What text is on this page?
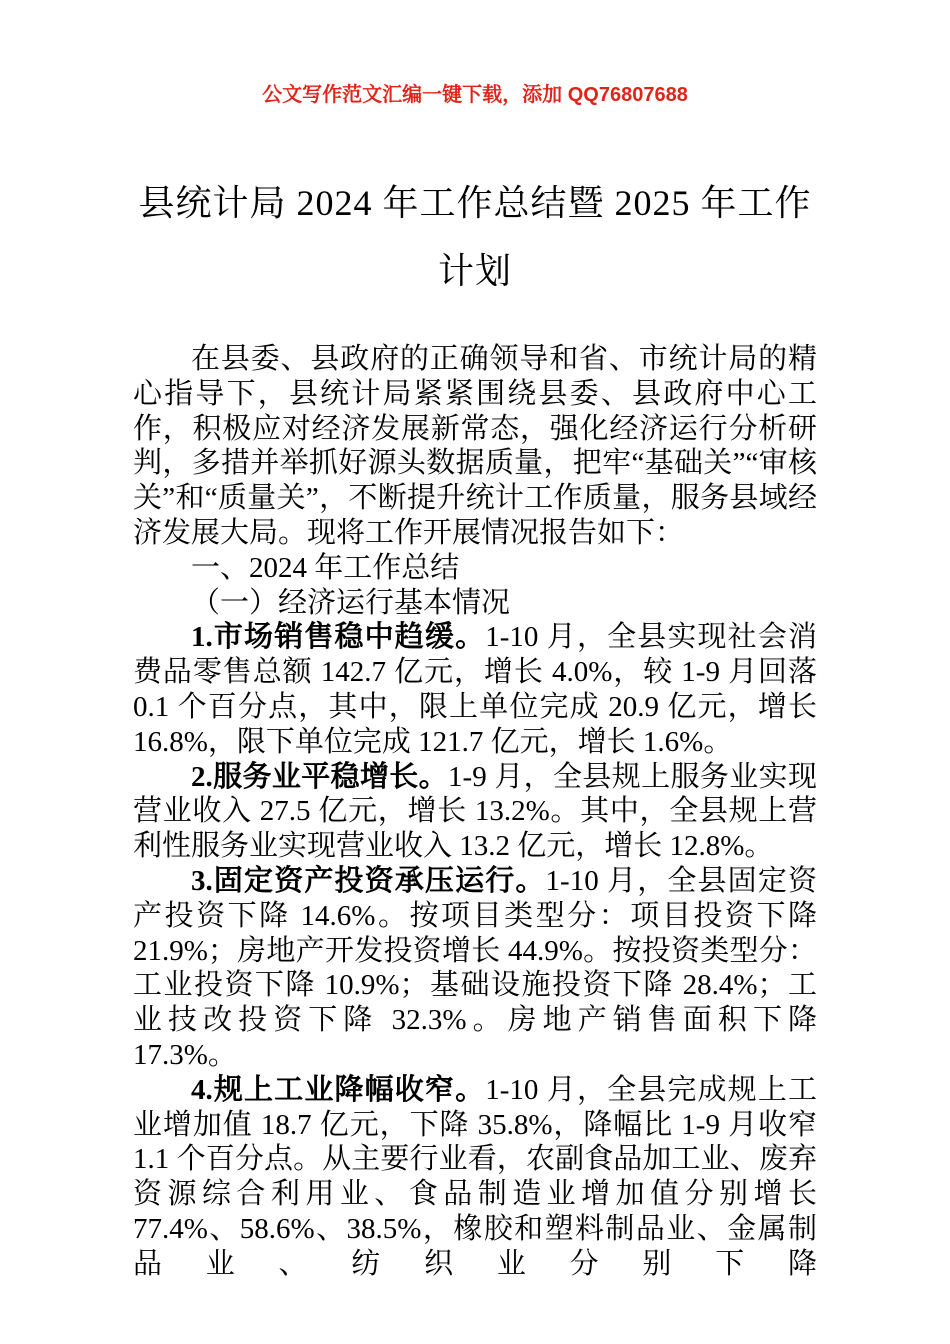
公文写作范文汇编一键下载，添加 QQ76807688
县统计局 2024 年工作总结暨 2025 年工作计划

在县委、县政府的正确领导和省、市统计局的精心指导下，县统计局紧紧围绕县委、县政府中心工作，积极应对经济发展新常态，强化经济运行分析研判，多措并举抓好源头数据质量，把牢“基础关”“审核关”和“质量关”，不断提升统计工作质量，服务县域经济发展大局。现将工作开展情况报告如下：

一、2024 年工作总结

（一）经济运行基本情况

1.市场销售稳中趋缓。1-10 月，全县实现社会消费品零售总额 142.7 亿元，增长 4.0%，较 1-9 月回落 0.1 个百分点，其中，限上单位完成 20.9 亿元，增长 16.8%，限下单位完成 121.7 亿元，增长 1.6%。

2.服务业平稳增长。1-9 月，全县规上服务业实现营业收入 27.5 亿元，增长 13.2%。其中，全县规上营利性服务业实现营业收入 13.2 亿元，增长 12.8%。

3.固定资产投资承压运行。1-10 月，全县固定资产投资下降 14.6%。按项目类型分：项目投资下降 21.9%；房地产开发投资增长 44.9%。按投资类型分：工业投资下降 10.9%；基础设施投资下降 28.4%；工业技改投资下降 32.3%。房地产销售面积下降 17.3%。

4.规上工业降幅收窄。1-10 月，全县完成规上工业增加值 18.7 亿元，下降 35.8%，降幅比 1-9 月收窄 1.1 个百分点。从主要行业看，农副食品加工业、废弃资源综合利用业、食品制造业增加值分别增长 77.4%、58.6%、38.5%，橡胶和塑料制品业、金属制品业、纺织业分别下降
